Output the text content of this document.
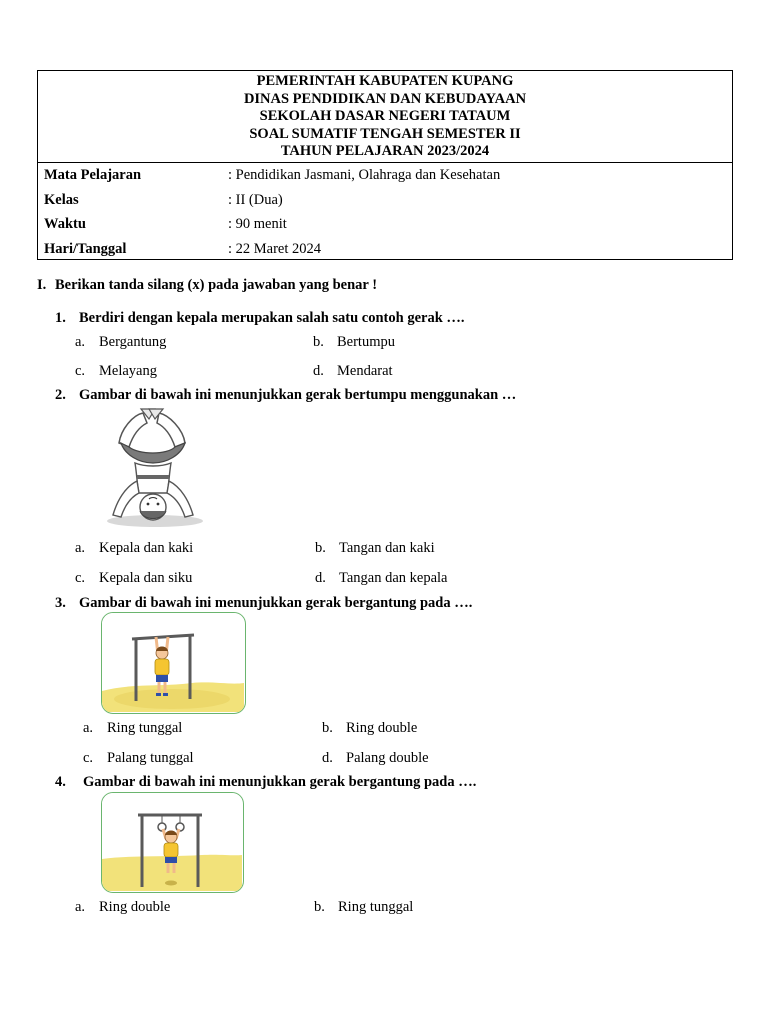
PEMERINTAH KABUPATEN KUPANG
DINAS PENDIDIKAN DAN KEBUDAYAAN
SEKOLAH DASAR NEGERI TATAUM
SOAL SUMATIF TENGAH SEMESTER II
TAHUN PELAJARAN 2023/2024
Mata Pelajaran	: Pendidikan Jasmani, Olahraga dan Kesehatan
Kelas	: II (Dua)
Waktu	: 90 menit
Hari/Tanggal	: 22 Maret 2024
I. Berikan tanda silang (x) pada jawaban yang benar !
1. Berdiri dengan kepala merupakan salah satu contoh gerak ….
a. Bergantung	b. Bertumpu
c. Melayang	d. Mendarat
2. Gambar di bawah ini menunjukkan gerak bertumpu menggunakan …
a. Kepala dan kaki	b. Tangan dan kaki
c. Kepala dan siku	d. Tangan dan kepala
3. Gambar di bawah ini menunjukkan gerak bergantung pada ….
a. Ring tunggal	b. Ring double
c. Palang tunggal	d. Palang double
4. Gambar di bawah ini menunjukkan gerak bergantung pada ….
a. Ring double	b. Ring tunggal
